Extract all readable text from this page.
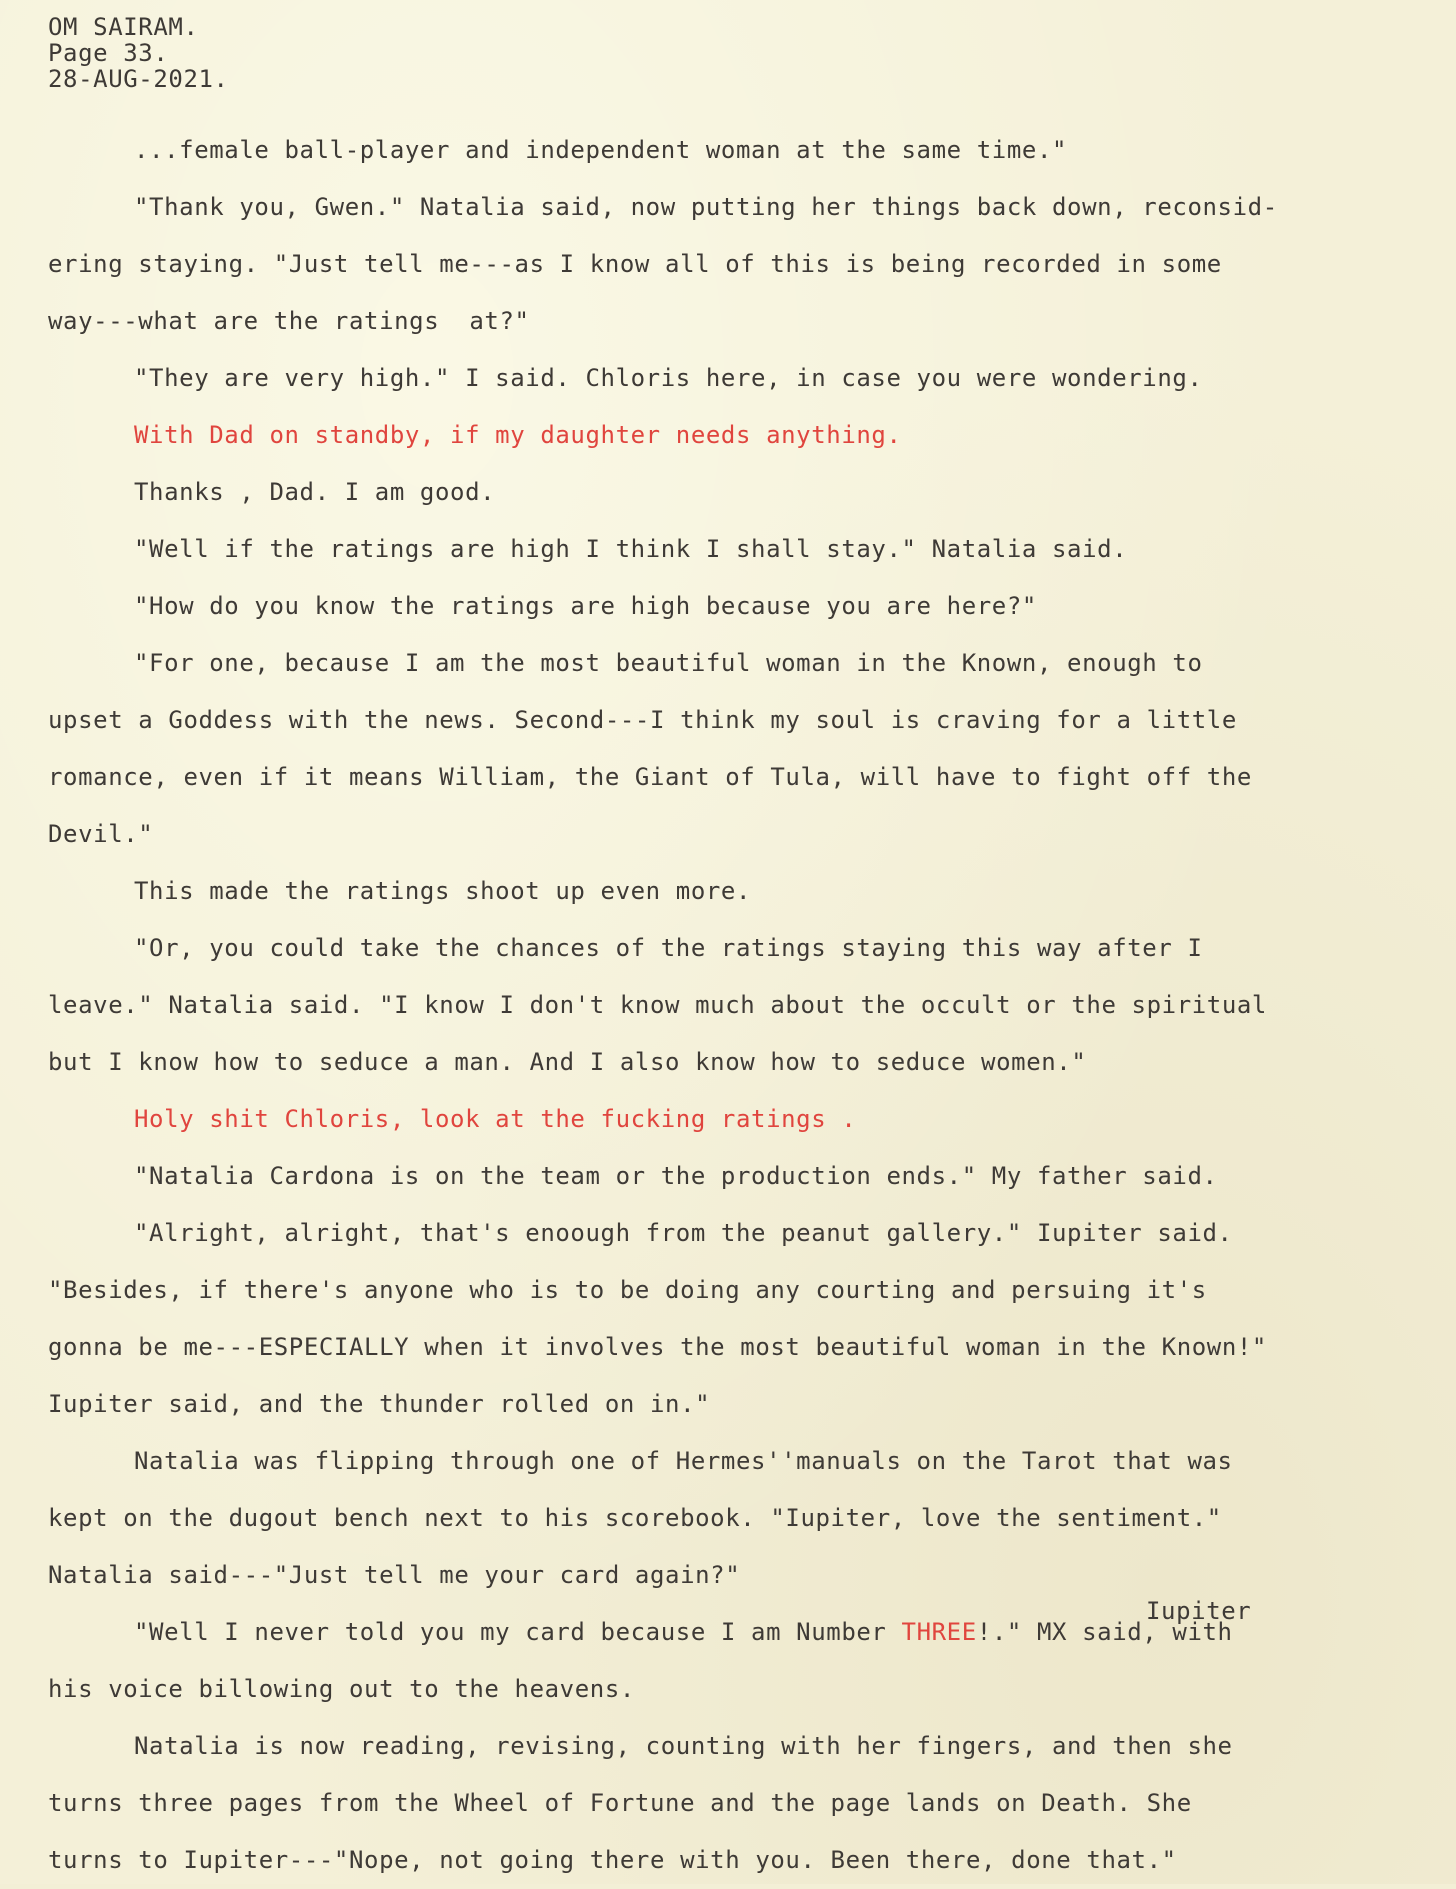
OM SAIRAM.
Page 33.
28-AUG-2021.
...female ball-player and independent woman at the same time."
"Thank you, Gwen." Natalia said, now putting her things back down, reconsid-
ering staying. "Just tell me---as I know all of this is being recorded in some
way---what are the ratings  at?"
"They are very high." I said. Chloris here, in case you were wondering.
With Dad on standby, if my daughter needs anything.
Thanks , Dad. I am good.
"Well if the ratings are high I think I shall stay." Natalia said.
"How do you know the ratings are high because you are here?"
"For one, because I am the most beautiful woman in the Known, enough to
upset a Goddess with the news. Second---I think my soul is craving for a little
romance, even if it means William, the Giant of Tula, will have to fight off the
Devil."
This made the ratings shoot up even more.
"Or, you could take the chances of the ratings staying this way after I
leave." Natalia said. "I know I don't know much about the occult or the spiritual
but I know how to seduce a man. And I also know how to seduce women."
Holy shit Chloris, look at the fucking ratings .
"Natalia Cardona is on the team or the production ends." My father said.
"Alright, alright, that's enoough from the peanut gallery." Iupiter said.
"Besides, if there's anyone who is to be doing any courting and persuing it's
gonna be me---ESPECIALLY when it involves the most beautiful woman in the Known!"
Iupiter said, and the thunder rolled on in."
Natalia was flipping through one of Hermes''manuals on the Tarot that was
kept on the dugout bench next to his scorebook. "Iupiter, love the sentiment."
Natalia said---"Just tell me your card again?"
Iupiter
"Well I never told you my card because I am Number THREE!." MX said, with
his voice billowing out to the heavens.
Natalia is now reading, revising, counting with her fingers, and then she
turns three pages from the Wheel of Fortune and the page lands on Death. She
turns to Iupiter---"Nope, not going there with you. Been there, done that."
